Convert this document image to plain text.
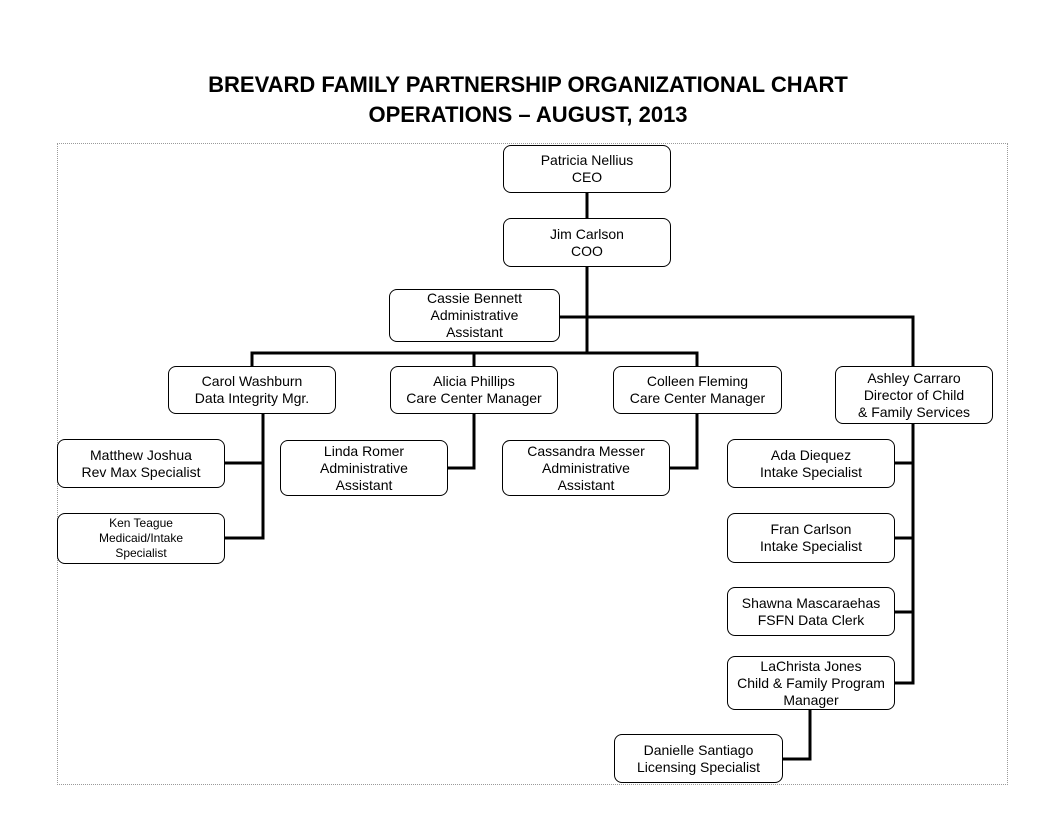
BREVARD FAMILY PARTNERSHIP ORGANIZATIONAL CHART
OPERATIONS – AUGUST, 2013
Patricia Nellius
CEO
Jim Carlson
COO
Cassie Bennett
Administrative
Assistant
Carol Washburn
Data Integrity Mgr.
Alicia Phillips
Care Center Manager
Colleen Fleming
Care Center Manager
Ashley Carraro
Director of Child
& Family Services
Matthew Joshua
Rev Max Specialist
Ken Teague
Medicaid/Intake
Specialist
Linda Romer
Administrative
Assistant
Cassandra Messer
Administrative
Assistant
Ada Diequez
Intake Specialist
Fran Carlson
Intake Specialist
Shawna Mascaraehas
FSFN Data Clerk
LaChrista Jones
Child & Family Program
Manager
Danielle Santiago
Licensing Specialist
